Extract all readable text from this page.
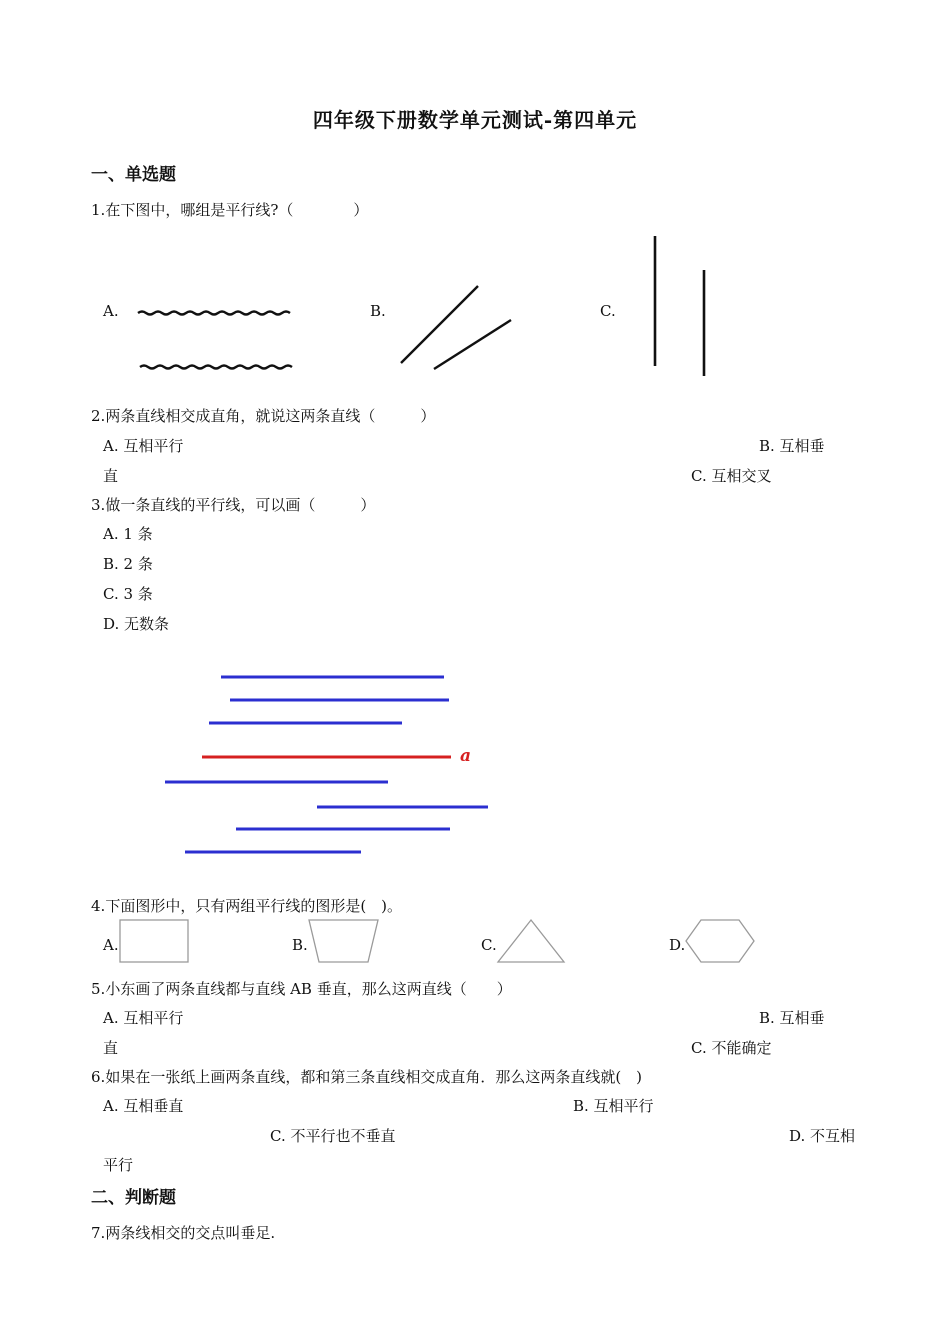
四年级下册数学单元测试-第四单元
一、单选题
1.在下图中，哪组是平行线?（　　　　）
A.	B.	C.
2.两条直线相交成直角，就说这两条直线（　　　）
A. 互相平行	B. 互相垂
直	C. 互相交叉
3.做一条直线的平行线，可以画（　　　）
A. 1 条
B. 2 条
C. 3 条
D. 无数条
a
4.下面图形中，只有两组平行线的图形是(　)。
A.	B.	C.	D.
5.小东画了两条直线都与直线 AB 垂直，那么这两直线（　　）
A. 互相平行	B. 互相垂
直	C. 不能确定
6.如果在一张纸上画两条直线，都和第三条直线相交成直角．那么这两条直线就(　)
A. 互相垂直	B. 互相平行
C. 不平行也不垂直	D. 不互相
平行
二、判断题
7.两条线相交的交点叫垂足.
